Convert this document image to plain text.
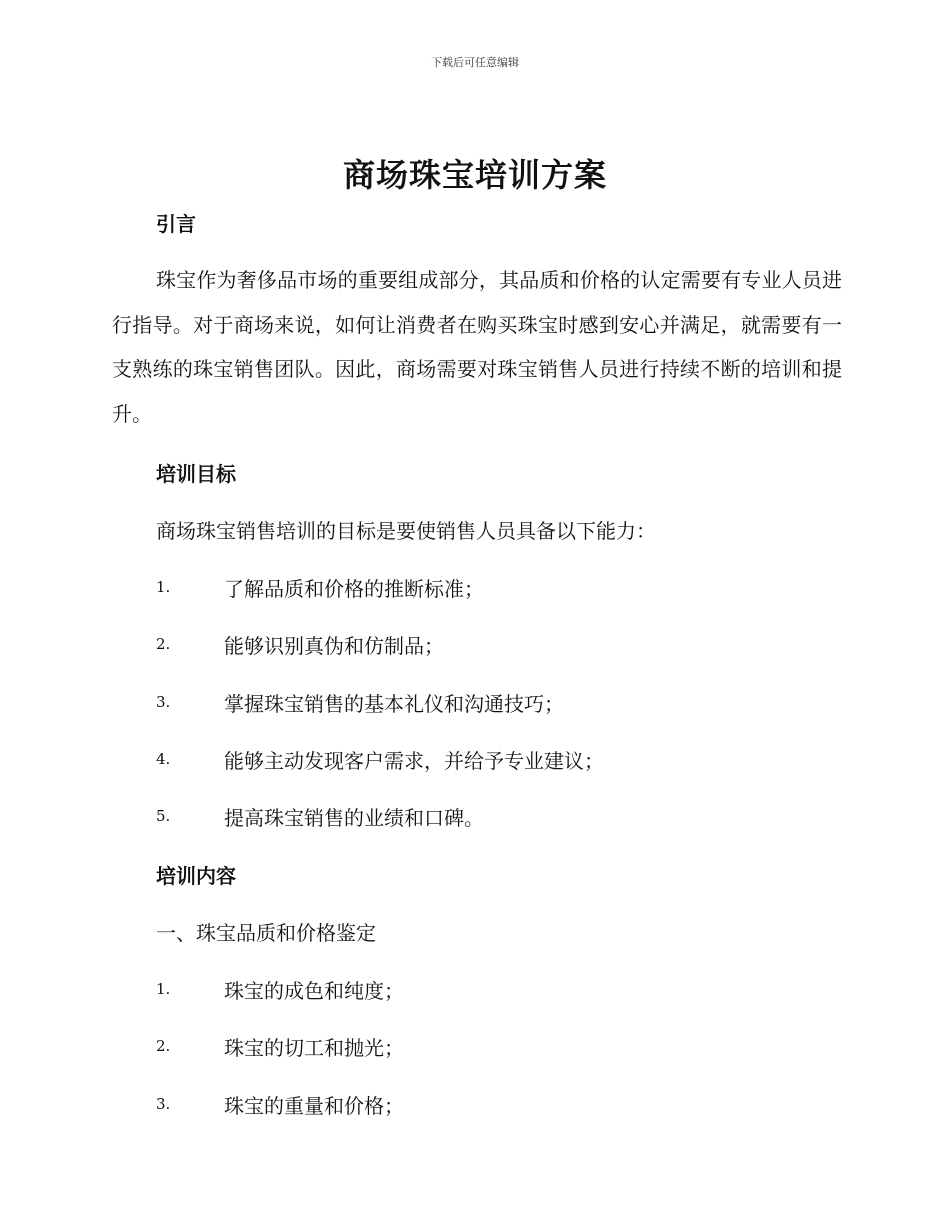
下载后可任意编辑
商场珠宝培训方案
引言
珠宝作为奢侈品市场的重要组成部分，其品质和价格的认定需要有专业人员进行指导。对于商场来说，如何让消费者在购买珠宝时感到安心并满足，就需要有一支熟练的珠宝销售团队。因此，商场需要对珠宝销售人员进行持续不断的培训和提升。
培训目标
商场珠宝销售培训的目标是要使销售人员具备以下能力：
1.	了解品质和价格的推断标准；
2.	能够识别真伪和仿制品；
3.	掌握珠宝销售的基本礼仪和沟通技巧；
4.	能够主动发现客户需求，并给予专业建议；
5.	提高珠宝销售的业绩和口碑。
培训内容
一、珠宝品质和价格鉴定
1.	珠宝的成色和纯度；
2.	珠宝的切工和抛光；
3.	珠宝的重量和价格；
